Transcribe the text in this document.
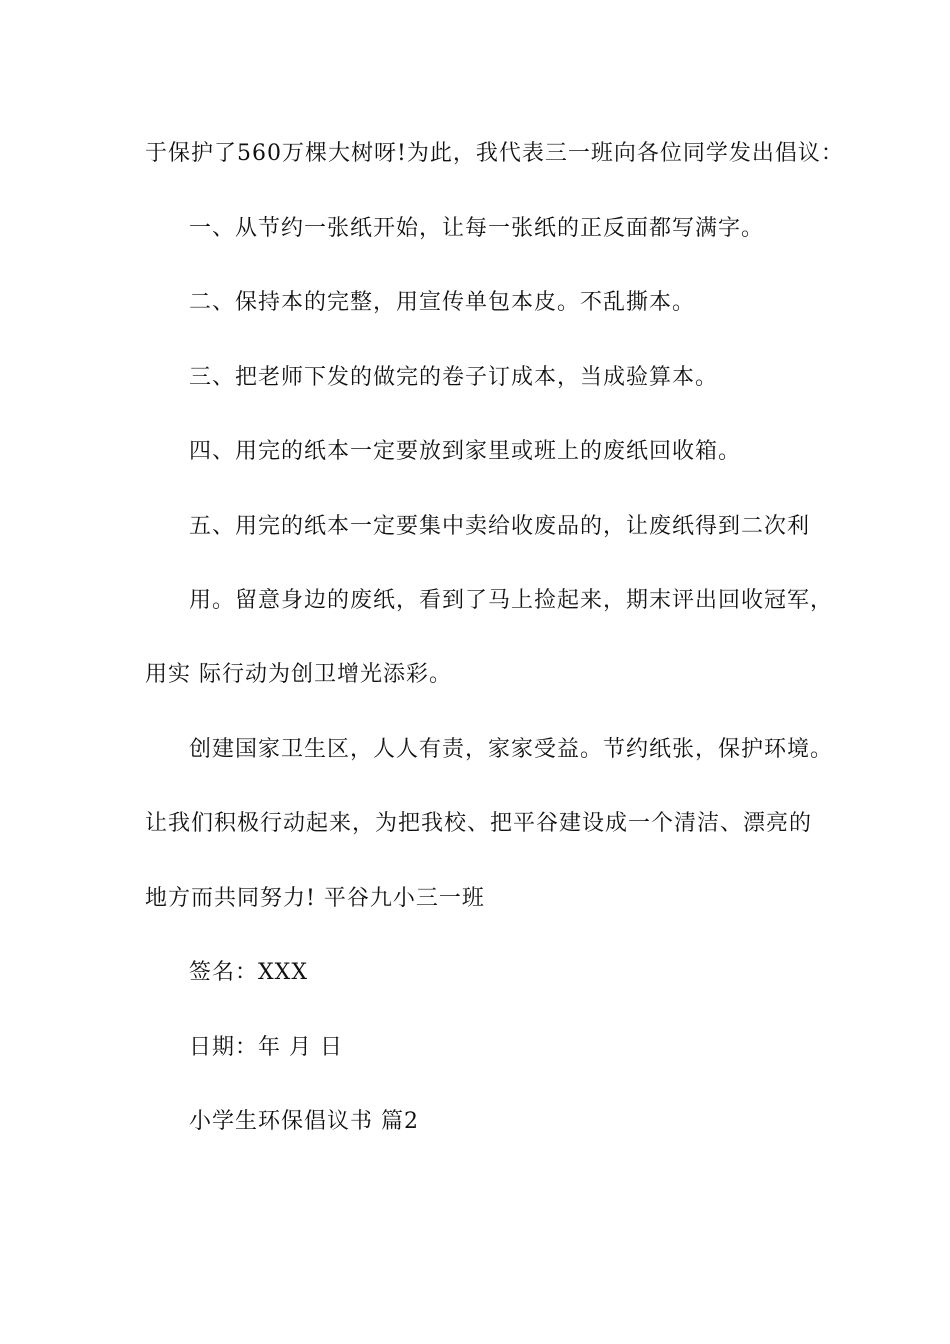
于保护了560万棵大树呀!为此，我代表三一班向各位同学发出倡议：
一、从节约一张纸开始，让每一张纸的正反面都写满字。
二、保持本的完整，用宣传单包本皮。不乱撕本。
三、把老师下发的做完的卷子订成本，当成验算本。
四、用完的纸本一定要放到家里或班上的废纸回收箱。
五、用完的纸本一定要集中卖给收废品的，让废纸得到二次利
用。留意身边的废纸，看到了马上捡起来，期末评出回收冠军，
用实 际行动为创卫增光添彩。
创建国家卫生区，人人有责，家家受益。节约纸张，保护环境。
让我们积极行动起来，为把我校、把平谷建设成一个清洁、漂亮的
地方而共同努力! 平谷九小三一班
签名：XXX
日期：年 月 日
小学生环保倡议书 篇2
